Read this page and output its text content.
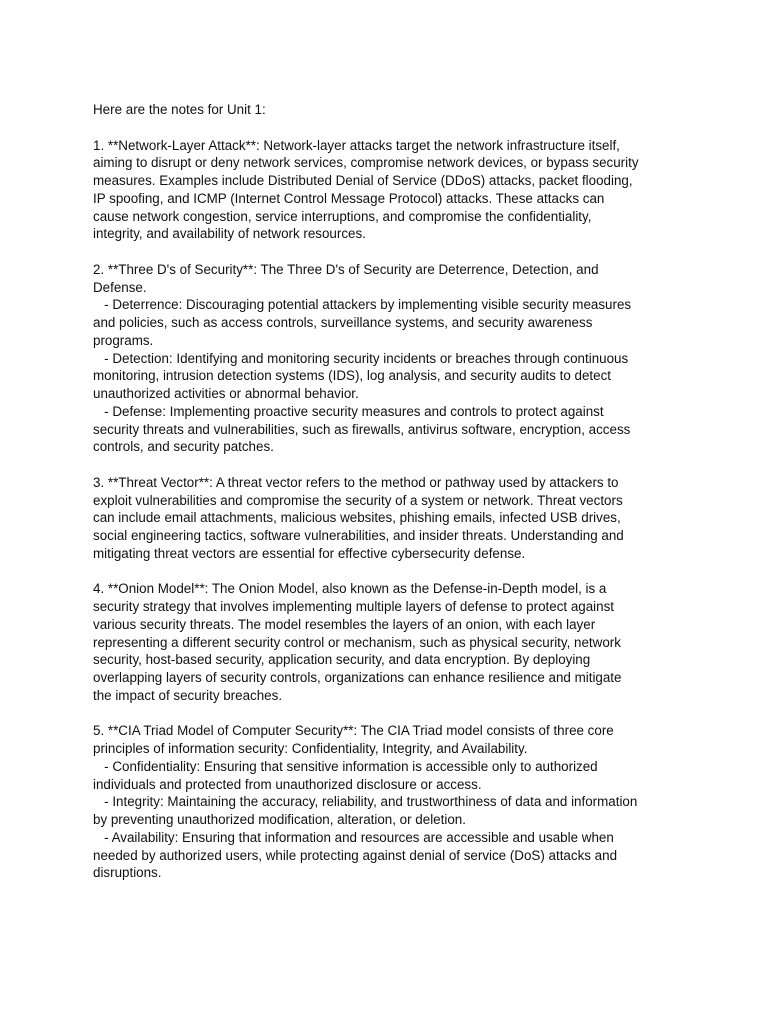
Here are the notes for Unit 1:
1. **Network-Layer Attack**: Network-layer attacks target the network infrastructure itself,
aiming to disrupt or deny network services, compromise network devices, or bypass security
measures. Examples include Distributed Denial of Service (DDoS) attacks, packet flooding,
IP spoofing, and ICMP (Internet Control Message Protocol) attacks. These attacks can
cause network congestion, service interruptions, and compromise the confidentiality,
integrity, and availability of network resources.
2. **Three D's of Security**: The Three D's of Security are Deterrence, Detection, and
Defense.
- Deterrence: Discouraging potential attackers by implementing visible security measures
and policies, such as access controls, surveillance systems, and security awareness
programs.
- Detection: Identifying and monitoring security incidents or breaches through continuous
monitoring, intrusion detection systems (IDS), log analysis, and security audits to detect
unauthorized activities or abnormal behavior.
- Defense: Implementing proactive security measures and controls to protect against
security threats and vulnerabilities, such as firewalls, antivirus software, encryption, access
controls, and security patches.
3. **Threat Vector**: A threat vector refers to the method or pathway used by attackers to
exploit vulnerabilities and compromise the security of a system or network. Threat vectors
can include email attachments, malicious websites, phishing emails, infected USB drives,
social engineering tactics, software vulnerabilities, and insider threats. Understanding and
mitigating threat vectors are essential for effective cybersecurity defense.
4. **Onion Model**: The Onion Model, also known as the Defense-in-Depth model, is a
security strategy that involves implementing multiple layers of defense to protect against
various security threats. The model resembles the layers of an onion, with each layer
representing a different security control or mechanism, such as physical security, network
security, host-based security, application security, and data encryption. By deploying
overlapping layers of security controls, organizations can enhance resilience and mitigate
the impact of security breaches.
5. **CIA Triad Model of Computer Security**: The CIA Triad model consists of three core
principles of information security: Confidentiality, Integrity, and Availability.
- Confidentiality: Ensuring that sensitive information is accessible only to authorized
individuals and protected from unauthorized disclosure or access.
- Integrity: Maintaining the accuracy, reliability, and trustworthiness of data and information
by preventing unauthorized modification, alteration, or deletion.
- Availability: Ensuring that information and resources are accessible and usable when
needed by authorized users, while protecting against denial of service (DoS) attacks and
disruptions.
